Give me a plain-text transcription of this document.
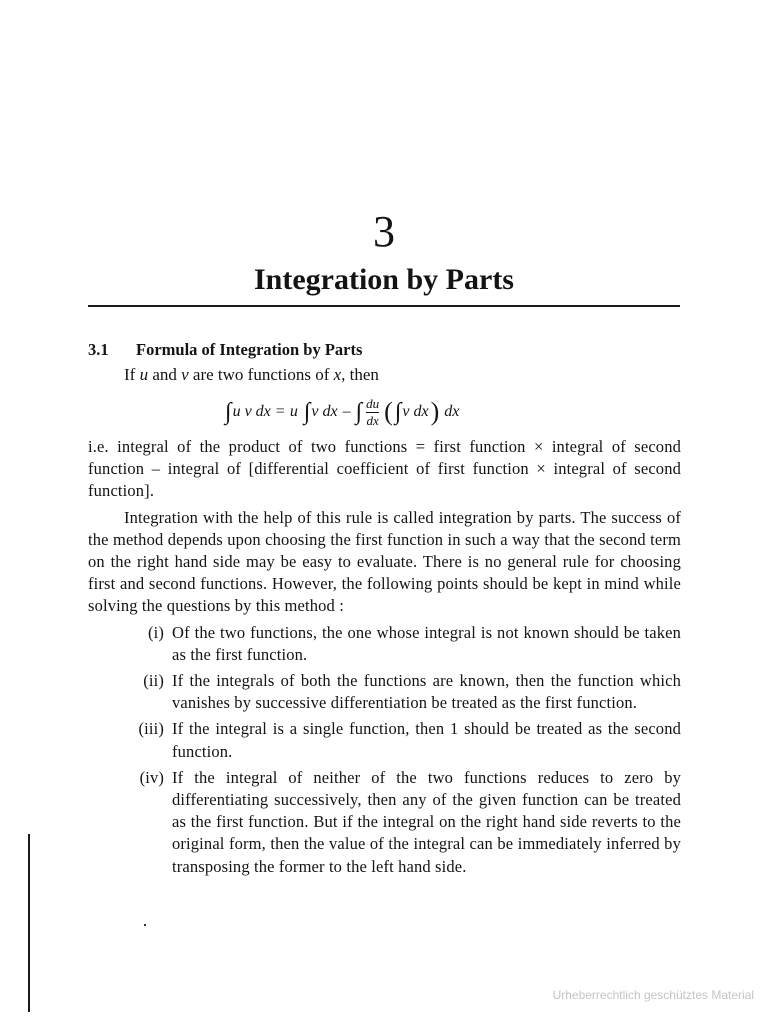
3
Integration by Parts
3.1 Formula of Integration by Parts
If u and v are two functions of x, then
∫ u v dx = u ∫ v dx – ∫ $\frac{du}{dx}$ ( ∫ v dx ) dx

i.e. integral of the product of two functions = first function × integral of second function – integral of [differential coefficient of first function × integral of second function].

Integration with the help of this rule is called integration by parts. The success of the method depends upon choosing the first function in such a way that the second term on the right hand side may be easy to evaluate. There is no general rule for choosing first and second functions. However, the following points should be kept in mind while solving the questions by this method :

(i) Of the two functions, the one whose integral is not known should be taken as the first function.
(ii) If the integrals of both the functions are known, then the function which vanishes by successive differentiation be treated as the first function.
(iii) If the integral is a single function, then 1 should be treated as the second function.
(iv) If the integral of neither of the two functions reduces to zero by differentiating successively, then any of the given function can be treated as the first function. But if the integral on the right hand side reverts to the original form, then the value of the integral can be immediately inferred by transposing the former to the left hand side.
Urheberrechtlich geschütztes Material
